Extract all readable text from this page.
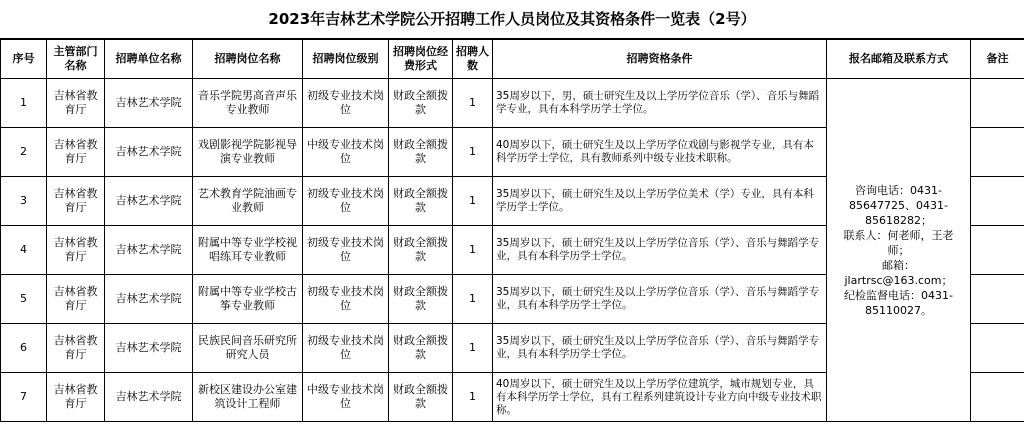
2023年吉林艺术学院公开招聘工作人员岗位及其资格条件一览表（2号）
序号	主管部门名称	招聘单位名称	招聘岗位名称	招聘岗位级别	招聘岗位经费形式	招聘人数	招聘资格条件	报名邮箱及联系方式	备注
1	吉林省教育厅	吉林艺术学院	音乐学院男高音声乐专业教师	初级专业技术岗位	财政全额拨款	1	35周岁以下，男，硕士研究生及以上学历学位音乐（学）、音乐与舞蹈学专业，具有本科学历学士学位。	咨询电话：0431-85647725、0431-85618282；
联系人：何老师，王老师；
邮箱：jlartrsc@163.com；
纪检监督电话：0431-85110027。	

2	吉林省教育厅	吉林艺术学院	戏剧影视学院影视导演专业教师	中级专业技术岗位	财政全额拨款	1	40周岁以下，硕士研究生及以上学历学位戏剧与影视学专业，具有本科学历学士学位，具有教师系列中级专业技术职称。		
3	吉林省教育厅	吉林艺术学院	艺术教育学院油画专业教师	初级专业技术岗位	财政全额拨款	1	35周岁以下，硕士研究生及以上学历学位美术（学）专业，具有本科学历学士学位。		
4	吉林省教育厅	吉林艺术学院	附属中等专业学校视唱练耳专业教师	初级专业技术岗位	财政全额拨款	1	35周岁以下，硕士研究生及以上学历学位音乐（学）、音乐与舞蹈学专业，具有本科学历学士学位。		
5	吉林省教育厅	吉林艺术学院	附属中等专业学校古筝专业教师	初级专业技术岗位	财政全额拨款	1	35周岁以下，硕士研究生及以上学历学位音乐（学）、音乐与舞蹈学专业，具有本科学历学士学位。		
6	吉林省教育厅	吉林艺术学院	民族民间音乐研究所研究人员	初级专业技术岗位	财政全额拨款	1	35周岁以下，硕士研究生及以上学历学位音乐（学）、音乐与舞蹈学专业，具有本科学历学士学位。		
7	吉林省教育厅	吉林艺术学院	新校区建设办公室建筑设计工程师	中级专业技术岗位	财政全额拨款	1	40周岁以下，硕士研究生及以上学历学位建筑学，城市规划专业，具有本科学历学士学位，具有工程系列建筑设计专业方向中级专业技术职称。		
